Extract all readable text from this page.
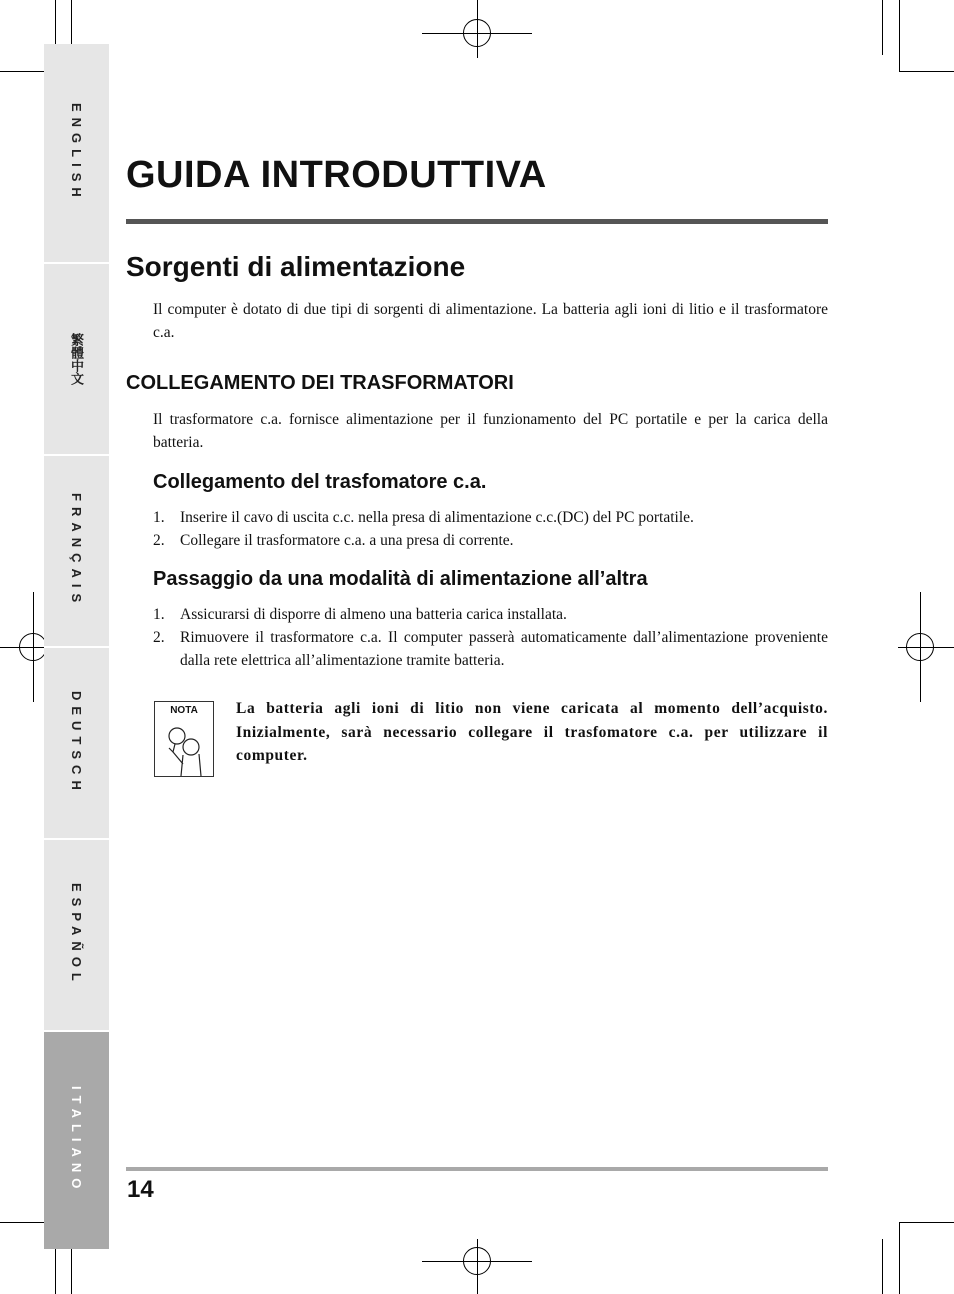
ENGLISH
繁體中文
FRANÇAIS
DEUTSCH
ESPAÑOL
ITALIANO
GUIDA INTRODUTTIVA
Sorgenti di alimentazione

Il computer è dotato di due tipi di sorgenti di alimentazione. La batteria agli ioni di litio e il trasformatore c.a.

COLLEGAMENTO DEI TRASFORMATORI

Il trasformatore c.a. fornisce alimentazione per il funzionamento del PC portatile e per la carica della batteria.

Collegamento del trasfomatore c.a.
1. Inserire il cavo di uscita c.c. nella presa di alimentazione c.c.(DC) del PC portatile.
2. Collegare il trasformatore c.a. a una presa di corrente.
Passaggio da una modalità di alimentazione all’altra
1. Assicurarsi di disporre di almeno una batteria carica installata.
2. Rimuovere il trasformatore c.a. Il computer passerà automaticamente dall’alimentazione proveniente dalla rete elettrica all’alimentazione tramite batteria.
NOTA	La batteria agli ioni di litio non viene caricata al momento dell’acquisto. Inizialmente, sarà necessario collegare il trasfomatore c.a. per utilizzare il computer.

14
